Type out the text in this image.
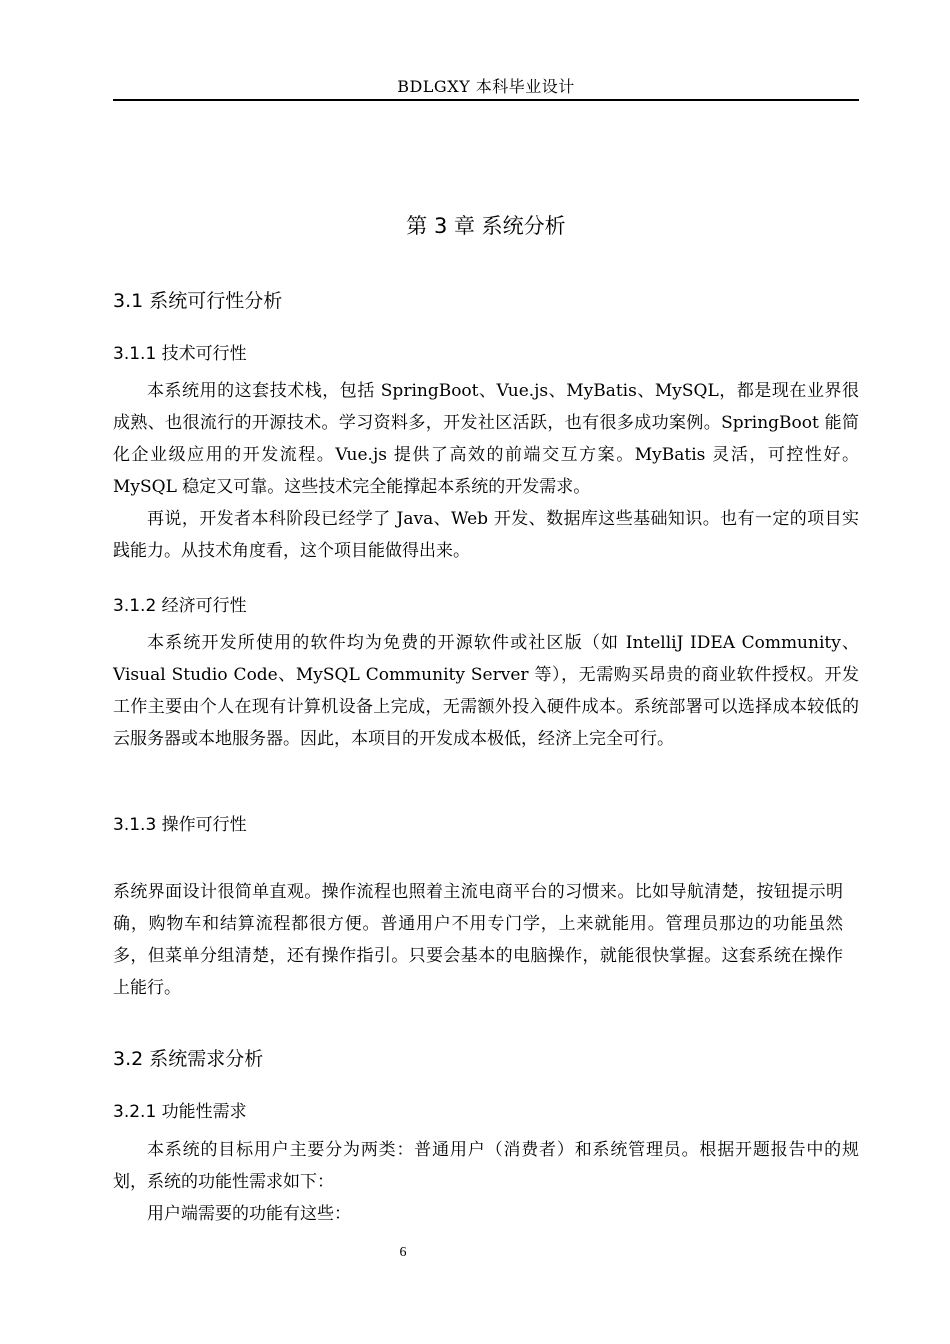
BDLGXY 本科毕业设计
第 3 章 系统分析
3.1 系统可行性分析
3.1.1 技术可行性

本系统用的这套技术栈，包括 SpringBoot、Vue.js、MyBatis、MySQL，都是现在业界很成熟、也很流行的开源技术。学习资料多，开发社区活跃，也有很多成功案例。SpringBoot 能简化企业级应用的开发流程。Vue.js 提供了高效的前端交互方案。MyBatis 灵活，可控性好。MySQL 稳定又可靠。这些技术完全能撑起本系统的开发需求。

再说，开发者本科阶段已经学了 Java、Web 开发、数据库这些基础知识。也有一定的项目实践能力。从技术角度看，这个项目能做得出来。

3.1.2 经济可行性

本系统开发所使用的软件均为免费的开源软件或社区版（如 IntelliJ IDEA Community、Visual Studio Code、MySQL Community Server 等），无需购买昂贵的商业软件授权。开发工作主要由个人在现有计算机设备上完成，无需额外投入硬件成本。系统部署可以选择成本较低的云服务器或本地服务器。因此，本项目的开发成本极低，经济上完全可行。

3.1.3 操作可行性

系统界面设计很简单直观。操作流程也照着主流电商平台的习惯来。比如导航清楚，按钮提示明确，购物车和结算流程都很方便。普通用户不用专门学，上来就能用。管理员那边的功能虽然多，但菜单分组清楚，还有操作指引。只要会基本的电脑操作，就能很快掌握。这套系统在操作上能行。

3.2 系统需求分析
3.2.1 功能性需求

本系统的目标用户主要分为两类：普通用户（消费者）和系统管理员。根据开题报告中的规划，系统的功能性需求如下：

用户端需要的功能有这些：

6
